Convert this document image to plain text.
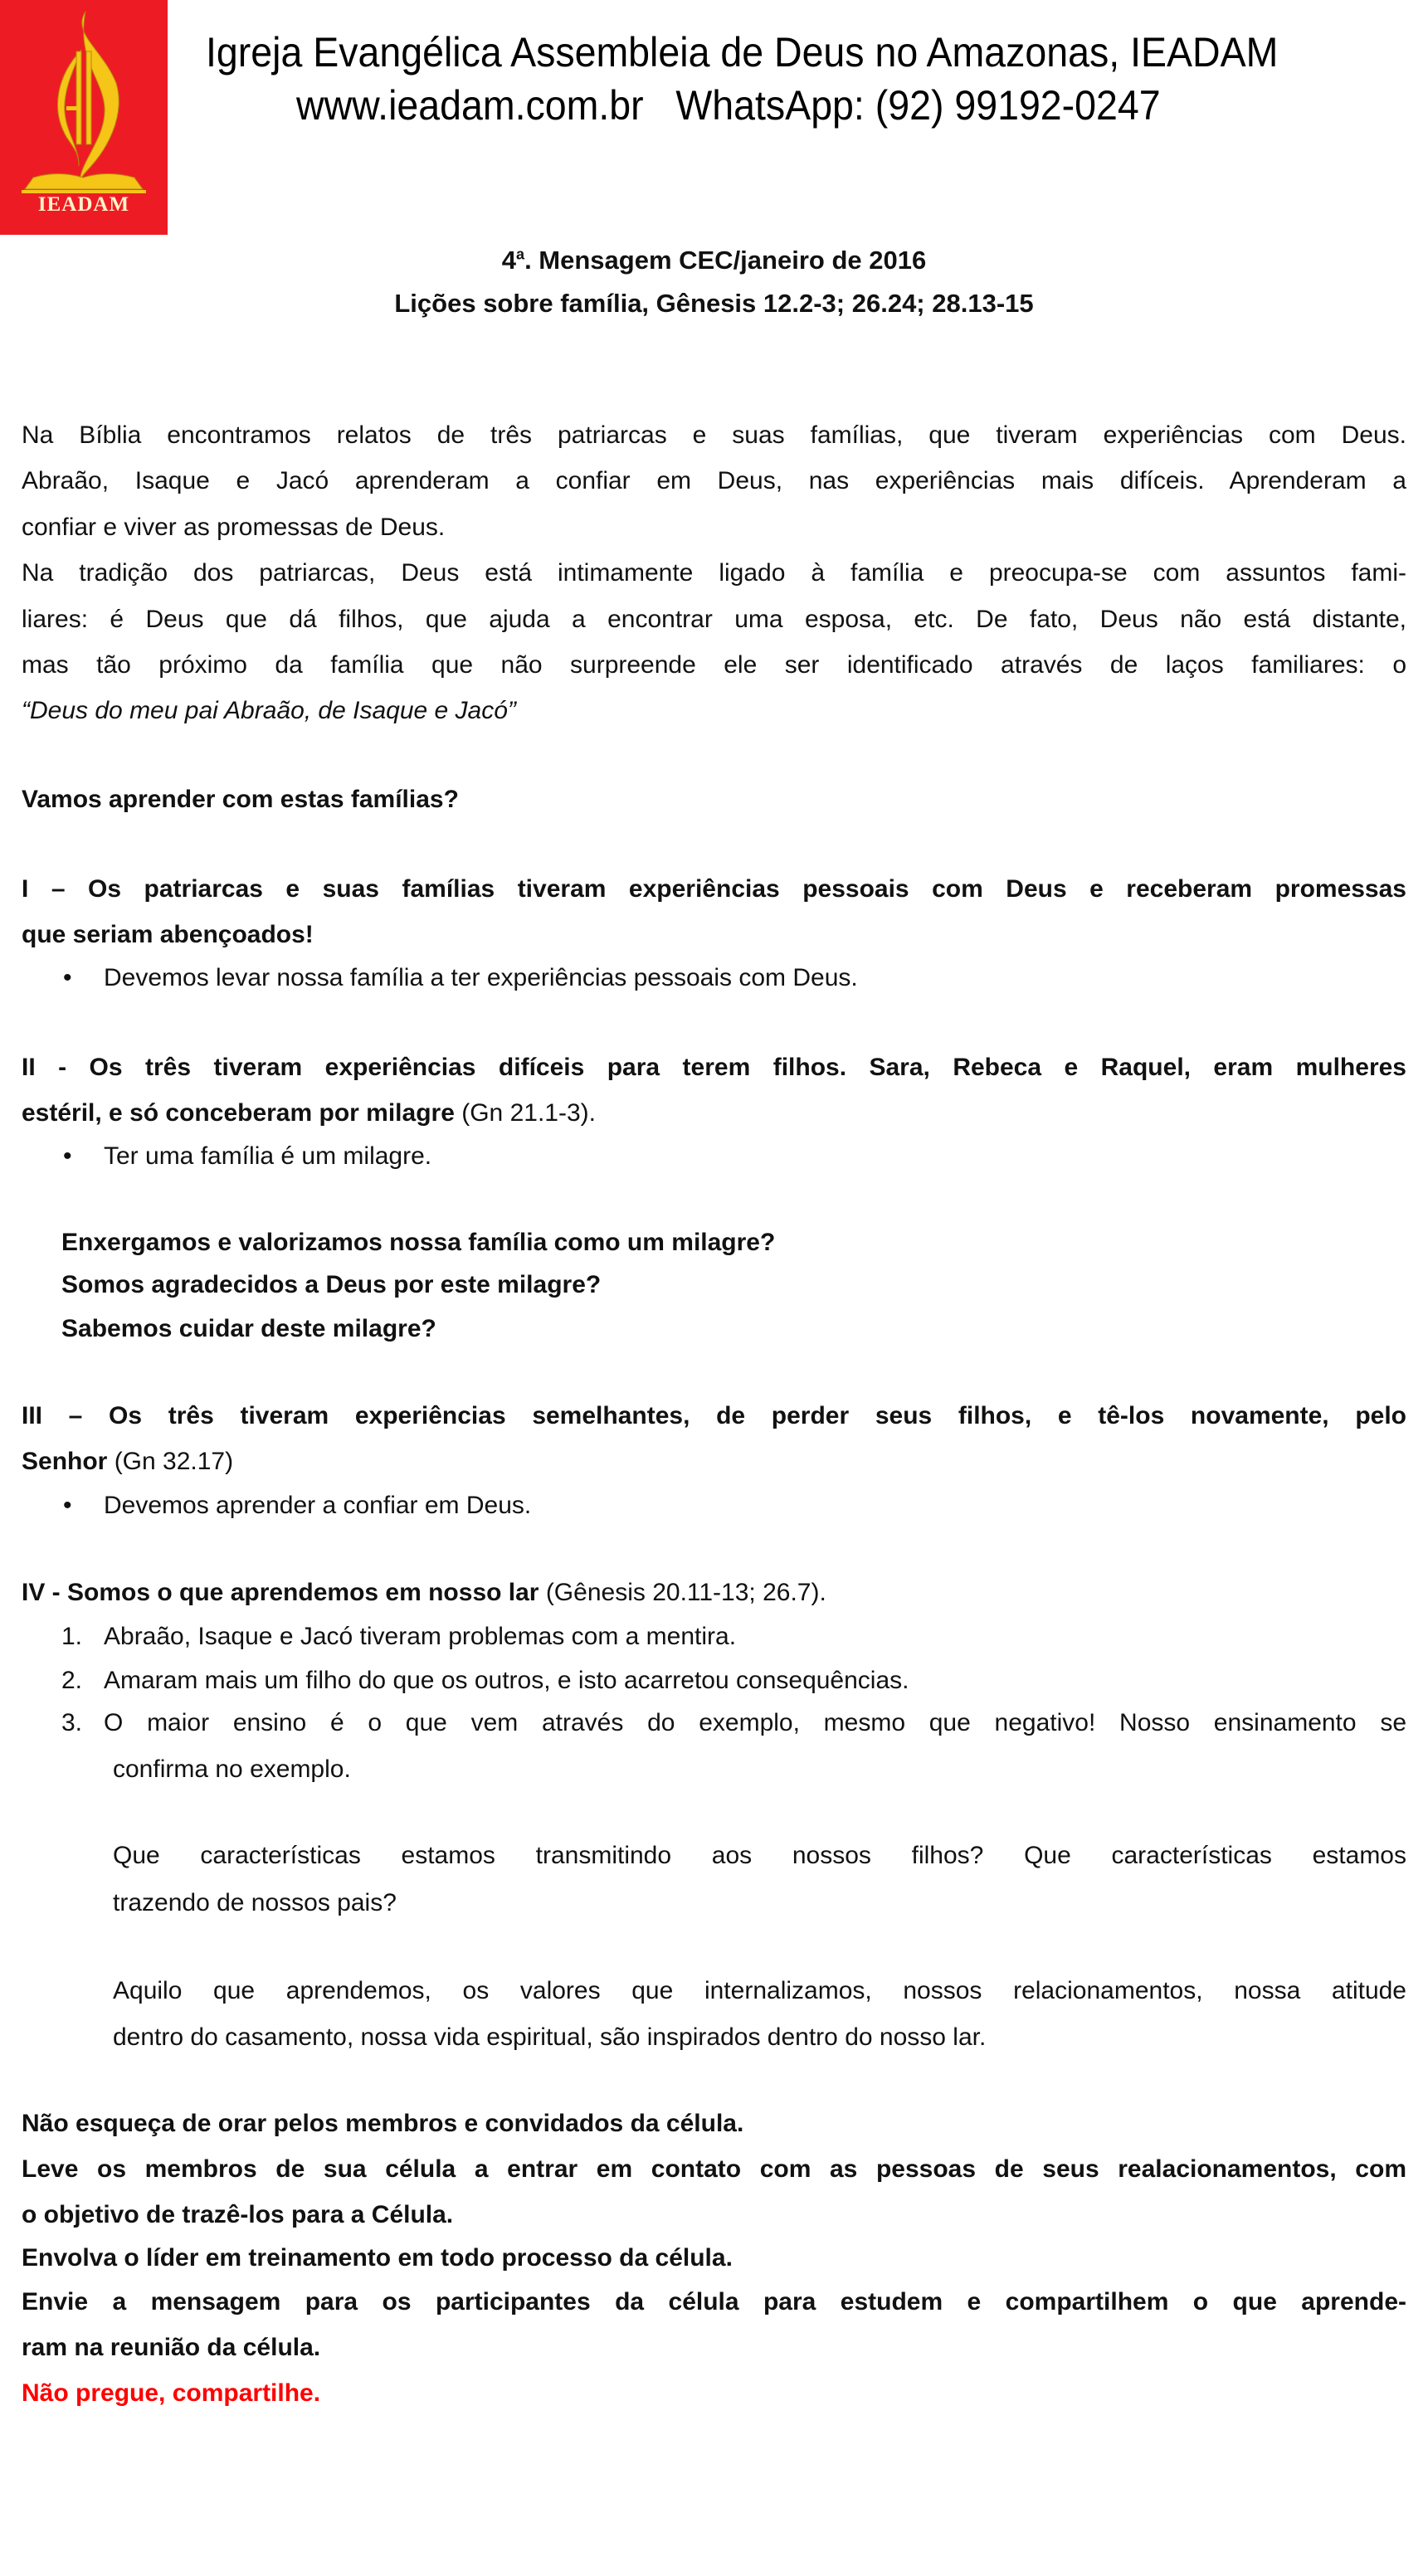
IEADAM
Igreja Evangélica Assembleia de Deus no Amazonas, IEADAM
www.ieadam.com.br   WhatsApp: (92) 99192-0247
4$^a$. Mensagem CEC/janeiro de 2016
Lições sobre família, Gênesis 12.2-3; 26.24; 28.13-15
Na Bíblia encontramos relatos de três patriarcas e suas famílias, que tiveram experiências com Deus.
Abraão, Isaque e Jacó aprenderam a confiar em Deus, nas experiências mais difíceis. Aprenderam a
confiar e viver as promessas de Deus.
Na tradição dos patriarcas, Deus está intimamente ligado à família e preocupa-se com assuntos fami-
liares: é Deus que dá filhos, que ajuda a encontrar uma esposa, etc. De fato, Deus não está distante,
mas tão próximo da família que não surpreende ele ser identificado através de laços familiares: o
“Deus do meu pai Abraão, de Isaque e Jacó”
Vamos aprender com estas famílias?
I – Os patriarcas e suas famílias tiveram experiências pessoais com Deus e receberam promessas
que seriam abençoados!
• Devemos levar nossa família a ter experiências pessoais com Deus.
II - Os três tiveram experiências difíceis para terem filhos. Sara, Rebeca e Raquel, eram mulheres
estéril, e só conceberam por milagre (Gn 21.1-3).
• Ter uma família é um milagre.
Enxergamos e valorizamos nossa família como um milagre?
Somos agradecidos a Deus por este milagre?
Sabemos cuidar deste milagre?
III – Os três tiveram experiências semelhantes, de perder seus filhos, e tê-los novamente, pelo
Senhor (Gn 32.17)
• Devemos aprender a confiar em Deus.
IV - Somos o que aprendemos em nosso lar (Gênesis 20.11-13; 26.7).
1. Abraão, Isaque e Jacó tiveram problemas com a mentira.
2. Amaram mais um filho do que os outros, e isto acarretou consequências.
3. O maior ensino é o que vem através do exemplo, mesmo que negativo! Nosso ensinamento se
confirma no exemplo.
Que características estamos transmitindo aos nossos filhos? Que características estamos
trazendo de nossos pais?
Aquilo que aprendemos, os valores que internalizamos, nossos relacionamentos, nossa atitude
dentro do casamento, nossa vida espiritual, são inspirados dentro do nosso lar.
Não esqueça de orar pelos membros e convidados da célula.
Leve os membros de sua célula a entrar em contato com as pessoas de seus realacionamentos, com
o objetivo de trazê-los para a Célula.
Envolva o líder em treinamento em todo processo da célula.
Envie a mensagem para os participantes da célula para estudem e compartilhem o que aprende-
ram na reunião da célula.
Não pregue, compartilhe.
